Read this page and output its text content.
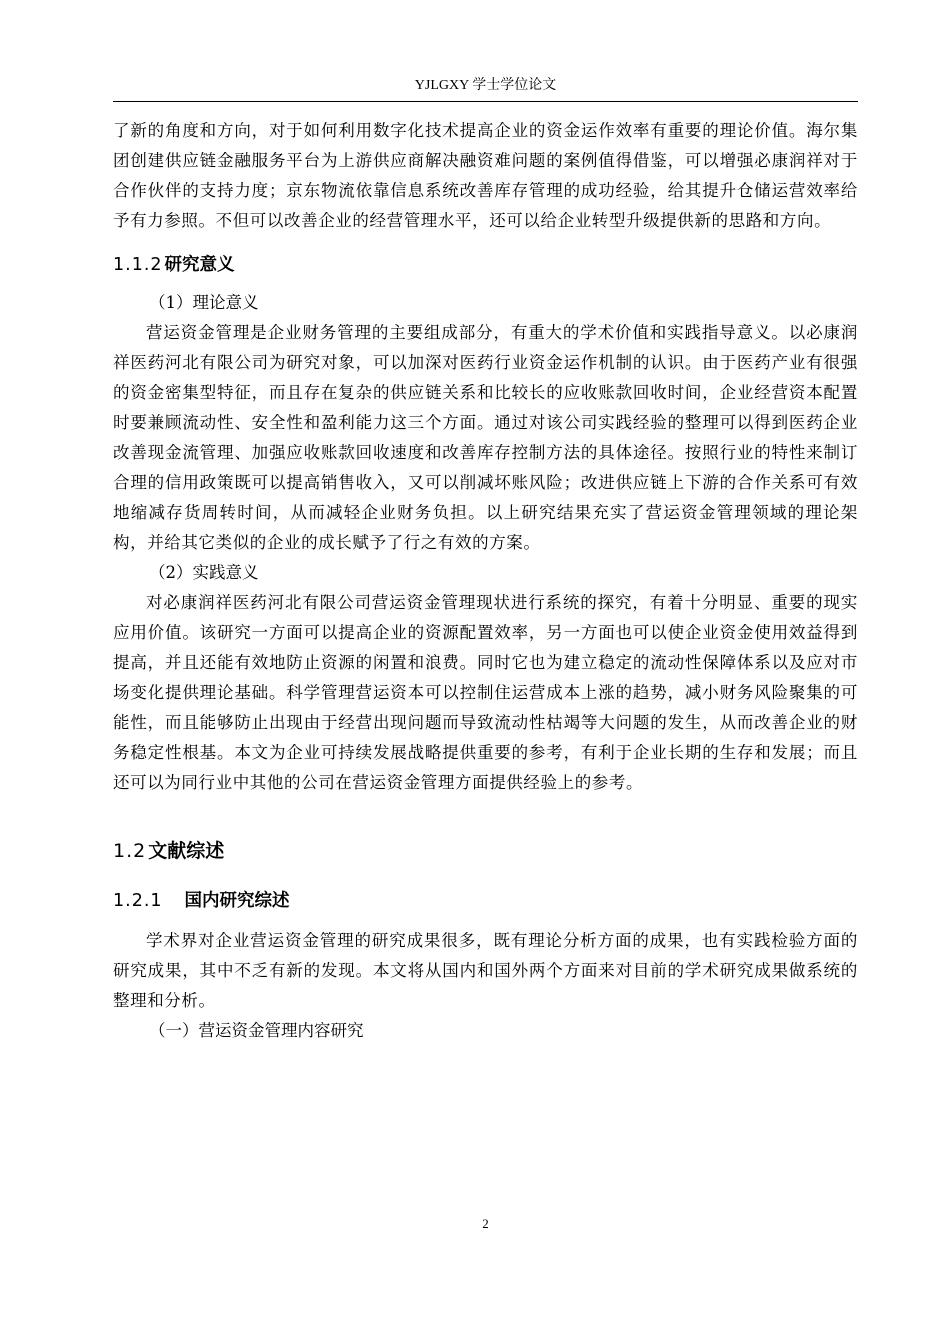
YJLGXY 学士学位论文

了新的角度和方向，对于如何利用数字化技术提高企业的资金运作效率有重要的理论价值。海尔集团创建供应链金融服务平台为上游供应商解决融资难问题的案例值得借鉴，可以增强必康润祥对于合作伙伴的支持力度；京东物流依靠信息系统改善库存管理的成功经验，给其提升仓储运营效率给予有力参照。不但可以改善企业的经营管理水平，还可以给企业转型升级提供新的思路和方向。

1.1.2 研究意义

（1）理论意义

营运资金管理是企业财务管理的主要组成部分，有重大的学术价值和实践指导意义。以必康润祥医药河北有限公司为研究对象，可以加深对医药行业资金运作机制的认识。由于医药产业有很强的资金密集型特征，而且存在复杂的供应链关系和比较长的应收账款回收时间，企业经营资本配置时要兼顾流动性、安全性和盈利能力这三个方面。通过对该公司实践经验的整理可以得到医药企业改善现金流管理、加强应收账款回收速度和改善库存控制方法的具体途径。按照行业的特性来制订合理的信用政策既可以提高销售收入，又可以削减坏账风险；改进供应链上下游的合作关系可有效地缩减存货周转时间，从而减轻企业财务负担。以上研究结果充实了营运资金管理领域的理论架构，并给其它类似的企业的成长赋予了行之有效的方案。

（2）实践意义

对必康润祥医药河北有限公司营运资金管理现状进行系统的探究，有着十分明显、重要的现实应用价值。该研究一方面可以提高企业的资源配置效率，另一方面也可以使企业资金使用效益得到提高，并且还能有效地防止资源的闲置和浪费。同时它也为建立稳定的流动性保障体系以及应对市场变化提供理论基础。科学管理营运资本可以控制住运营成本上涨的趋势，减小财务风险聚集的可能性，而且能够防止出现由于经营出现问题而导致流动性枯竭等大问题的发生，从而改善企业的财务稳定性根基。本文为企业可持续发展战略提供重要的参考，有利于企业长期的生存和发展；而且还可以为同行业中其他的公司在营运资金管理方面提供经验上的参考。

1.2 文献综述
1.2.1 国内研究综述

学术界对企业营运资金管理的研究成果很多，既有理论分析方面的成果，也有实践检验方面的研究成果，其中不乏有新的发现。本文将从国内和国外两个方面来对目前的学术研究成果做系统的整理和分析。

（一）营运资金管理内容研究

2
